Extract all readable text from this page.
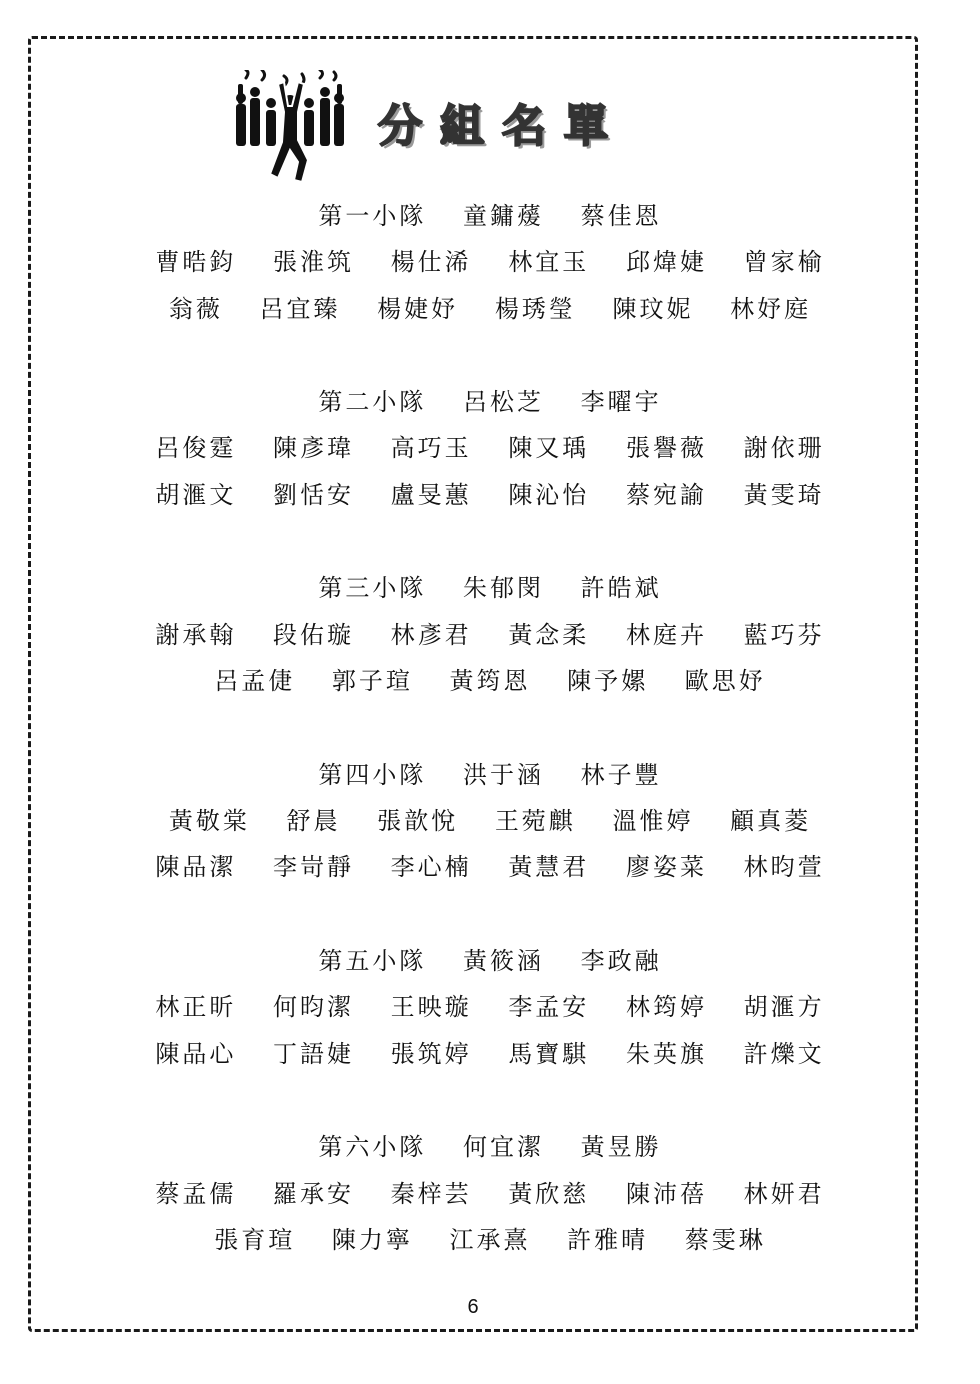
分 組 名 單
第一小隊 童鏞蕿 蔡佳恩
曹晧鈞 張淮筑 楊仕浠 林宜玉 邱煒婕 曾家榆
翁薇 呂宜臻 楊婕妤 楊琇瑩 陳玟妮 林妤庭
第二小隊 呂松芝 李曜宇
呂俊霆 陳彥瑋 高巧玉 陳又瑀 張譽薇 謝依珊
胡滙文 劉恬安 盧旻蕙 陳沁怡 蔡宛諭 黃雯琦
第三小隊 朱郁閔 許皓斌
謝承翰 段佑璇 林彥君 黃念柔 林庭卉 藍巧芬
呂孟倢 郭子瑄 黃筠恩 陳予嫘 歐思妤
第四小隊 洪于涵 林子豐
黃敬棠 舒晨 張歆悅 王菀麒 溫惟婷 顧真菱
陳品潔 李岢靜 李心楠 黃慧君 廖姿菜 林昀萱
第五小隊 黃筱涵 李政融
林正昕 何昀潔 王映璇 李孟安 林筠婷 胡滙方
陳品心 丁語婕 張筑婷 馬寶騏 朱英旗 許爍文
第六小隊 何宜潔 黃昱勝
蔡孟儒 羅承安 秦梓芸 黃欣慈 陳沛蓓 林妍君
張育瑄 陳力寧 江承熹 許雅晴 蔡雯琳
6
